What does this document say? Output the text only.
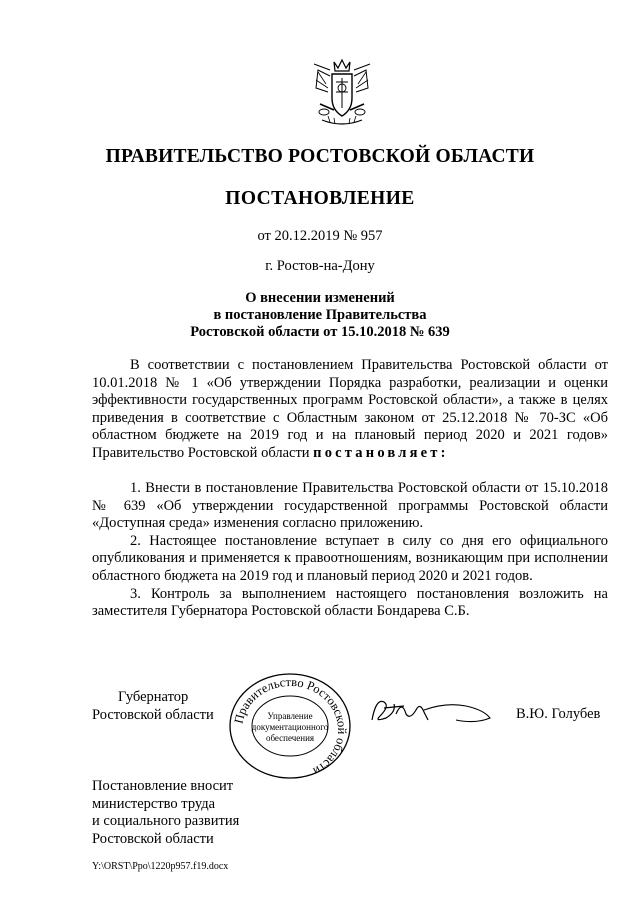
ПРАВИТЕЛЬСТВО РОСТОВСКОЙ ОБЛАСТИ
ПОСТАНОВЛЕНИЕ
от 20.12.2019 № 957
г. Ростов-на-Дону
О внесении изменений
в постановление Правительства
Ростовской области от 15.10.2018 № 639

В соответствии с постановлением Правительства Ростовской области от 10.01.2018 № 1 «Об утверждении Порядка разработки, реализации и оценки эффективности государственных программ Ростовской области», а также в целях приведения в соответствие с Областным законом от 25.12.2018 № 70-ЗС «Об областном бюджете на 2019 год и на плановый период 2020 и 2021 годов» Правительство Ростовской области постановляет:

1. Внести в постановление Правительства Ростовской области от 15.10.2018 № 639 «Об утверждении государственной программы Ростовской области «Доступная среда» изменения согласно приложению.

2. Настоящее постановление вступает в силу со дня его официального опубликования и применяется к правоотношениям, возникающим при исполнении областного бюджета на 2019 год и плановый период 2020 и 2021 годов.

3. Контроль за выполнением настоящего постановления возложить на заместителя Губернатора Ростовской области Бондарева С.Б.

Губернатор
Ростовской области Правительство Ростовской области
Управление
документационного
обеспечения
В.Ю. Голубев
Постановление вносит
министерство труда
и социального развития
Ростовской области
Y:\ORST\Ppo\1220p957.f19.docx
